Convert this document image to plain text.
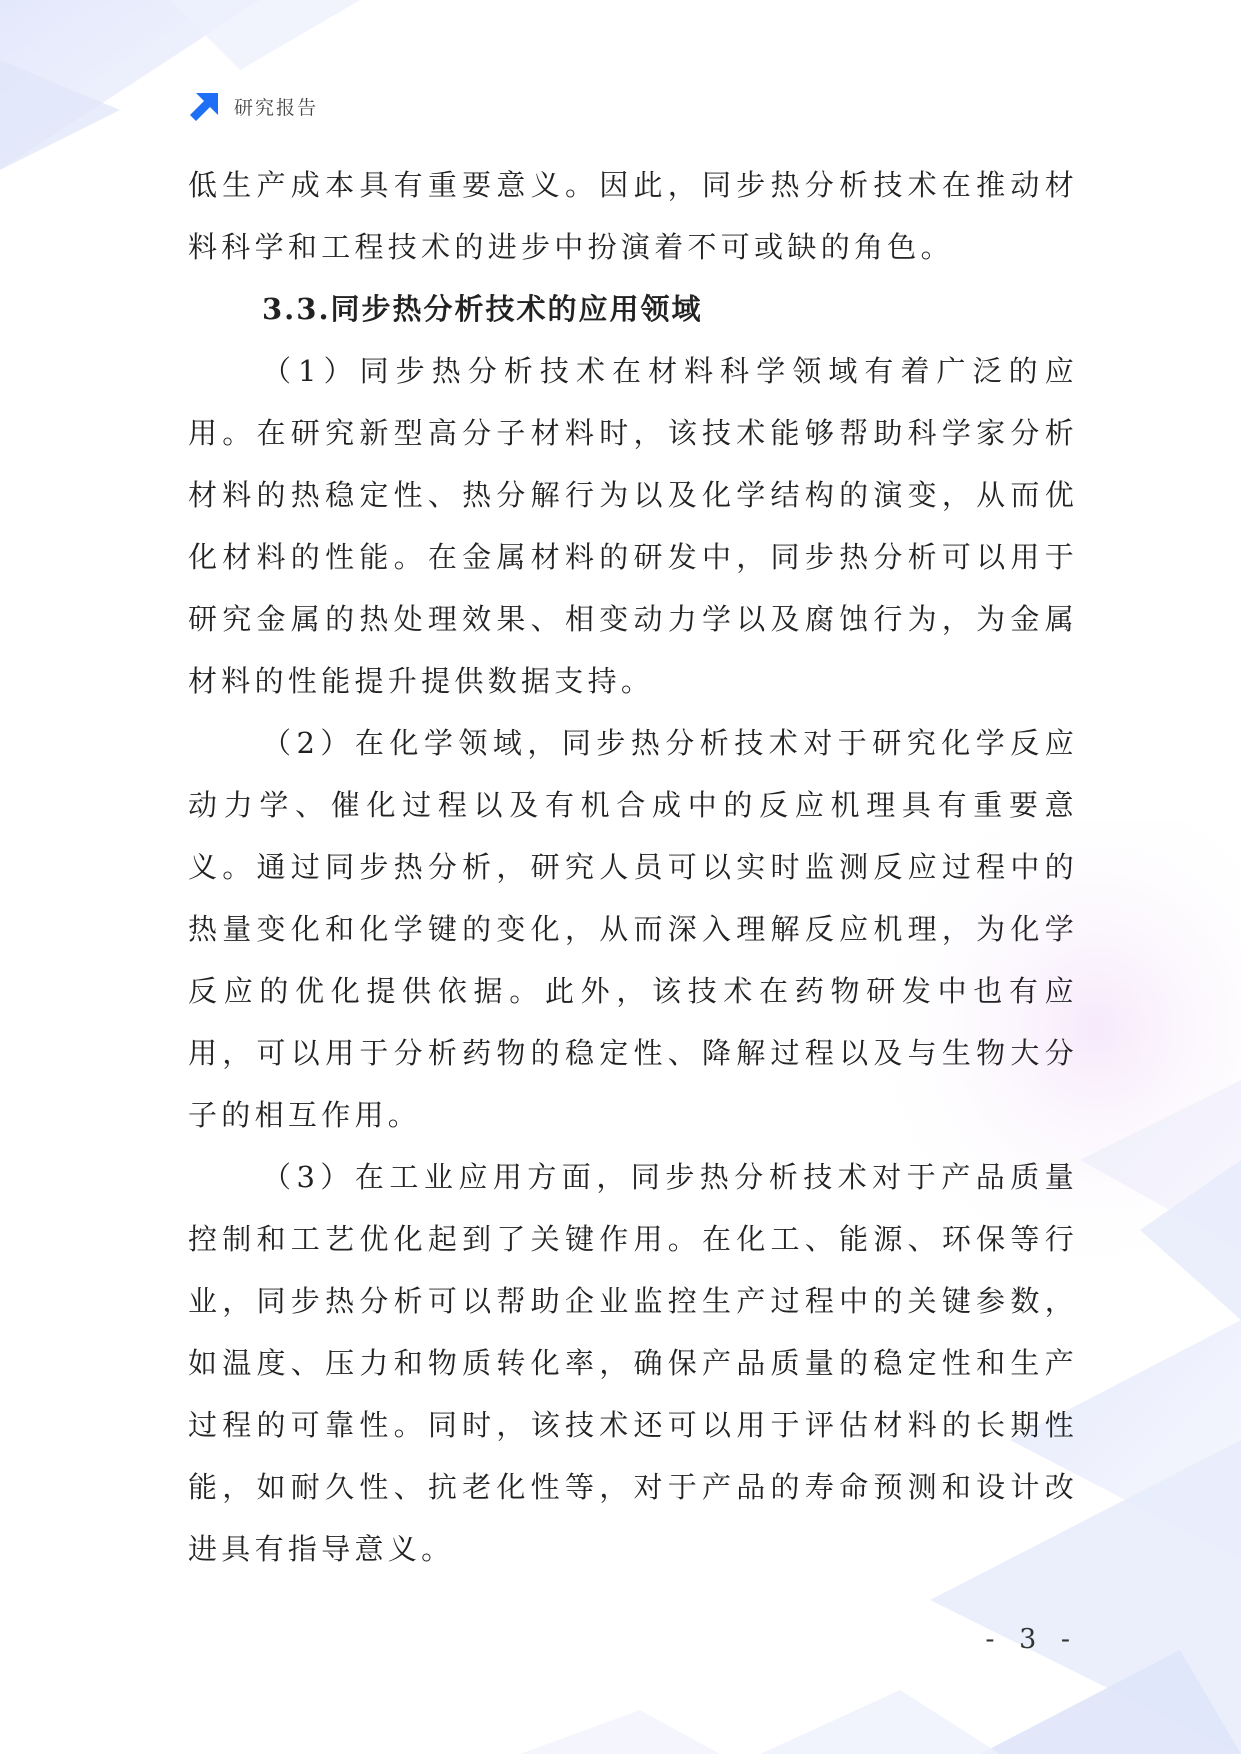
研究报告

低生产成本具有重要意义。因此，同步热分析技术在推动材料科学和工程技术的进步中扮演着不可或缺的角色。

3.3.同步热分析技术的应用领域

（1）同步热分析技术在材料科学领域有着广泛的应用。在研究新型高分子材料时，该技术能够帮助科学家分析材料的热稳定性、热分解行为以及化学结构的演变，从而优化材料的性能。在金属材料的研发中，同步热分析可以用于研究金属的热处理效果、相变动力学以及腐蚀行为，为金属材料的性能提升提供数据支持。

（2）在化学领域，同步热分析技术对于研究化学反应动力学、催化过程以及有机合成中的反应机理具有重要意义。通过同步热分析，研究人员可以实时监测反应过程中的热量变化和化学键的变化，从而深入理解反应机理，为化学反应的优化提供依据。此外，该技术在药物研发中也有应用，可以用于分析药物的稳定性、降解过程以及与生物大分子的相互作用。

（3）在工业应用方面，同步热分析技术对于产品质量控制和工艺优化起到了关键作用。在化工、能源、环保等行业，同步热分析可以帮助企业监控生产过程中的关键参数，如温度、压力和物质转化率，确保产品质量的稳定性和生产过程的可靠性。同时，该技术还可以用于评估材料的长期性能，如耐久性、抗老化性等，对于产品的寿命预测和设计改进具有指导意义。

- 3 -
